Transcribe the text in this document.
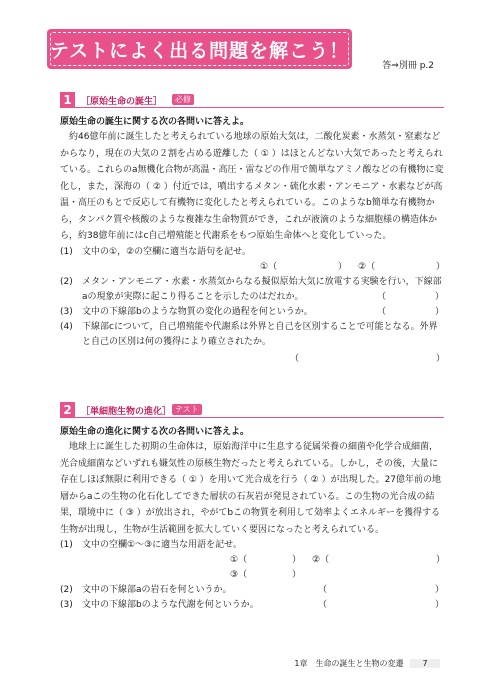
テストによく出る問題を解こう！
答⇒別冊 p.2
1	［原始生命の誕生］	必修
原始生命の誕生に関する次の各問いに答えよ。

約46億年前に誕生したと考えられている地球の原始大気は，二酸化炭素・水蒸気・窒素などからなり，現在の大気の２割を占める遊離した（ ① ）はほとんどない大気であったと考えられている。これらのa無機化合物が高温・高圧・雷などの作用で簡単なアミノ酸などの有機物に変化し，また，深海の（ ② ）付近では，噴出するメタン・硫化水素・アンモニア・水素などが高温・高圧のもとで反応して有機物に変化したと考えられている。このようなb簡単な有機物から，タンパク質や核酸のような複雑な生命物質ができ，これが液滴のような細胞様の構造体から，約38億年前にはc自己増殖能と代謝系をもつ原始生命体へと変化していった。

(1) 文中の①，②の空欄に適当な語句を記せ。
①（	） ②（	）
(2) メタン・アンモニア・水素・水蒸気からなる擬似原始大気に放電する実験を行い，下線部aの現象が実際に起こり得ることを示したのはだれか。	（	）
(3) 文中の下線部bのような物質の変化の過程を何というか。	（	）
(4) 下線部cについて，自己増殖能や代謝系は外界と自己を区別することで可能となる。外界と自己の区別は何の獲得により確立されたか。
（	）
2	［単細胞生物の進化］ テスト
原始生命の進化に関する次の各問いに答えよ。

地球上に誕生した初期の生命体は，原始海洋中に生息する従属栄養の細菌や化学合成細菌，光合成細菌などいずれも嫌気性の原核生物だったと考えられている。しかし，その後，大量に存在しほぼ無限に利用できる（ ① ）を用いて光合成を行う（ ② ）が出現した。27億年前の地層からaこの生物の化石化してできた層状の石灰岩が発見されている。この生物の光合成の結果，環境中に（ ③ ）が放出され，やがてbこの物質を利用して効率よくエネルギーを獲得する生物が出現し，生物が生活範囲を拡大していく要因になったと考えられている。

(1) 文中の空欄①〜③に適当な用語を記せ。
①（	） ②（	）
③（	）
(2) 文中の下線部aの岩石を何というか。	（	）
(3) 文中の下線部bのような代謝を何というか。	（	）
1章　生命の誕生と生物の変遷 7
